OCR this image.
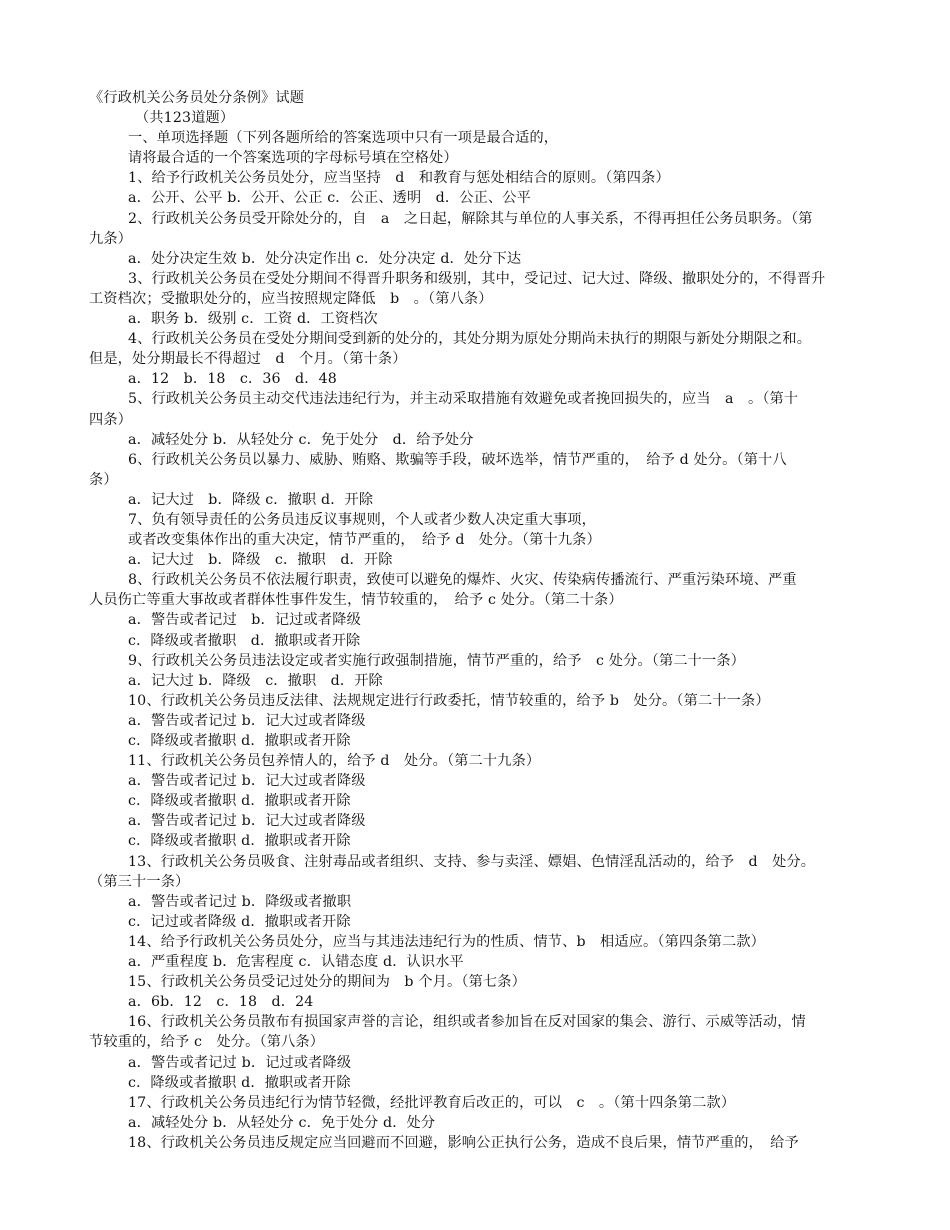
《行政机关公务员处分条例》试题
（共123道题）
一、单项选择题（下列各题所给的答案选项中只有一项是最合适的，
请将最合适的一个答案选项的字母标号填在空格处）
1、给予行政机关公务员处分，应当坚持　d　和教育与惩处相结合的原则。（第四条）
a．公开、公平 b．公开、公正 c．公正、透明　d．公正、公平
2、行政机关公务员受开除处分的，自　a　之日起，解除其与单位的人事关系，不得再担任公务员职务。（第
九条）
a．处分决定生效 b．处分决定作出 c．处分决定 d．处分下达
3、行政机关公务员在受处分期间不得晋升职务和级别，其中，受记过、记大过、降级、撤职处分的，不得晋升
工资档次；受撤职处分的，应当按照规定降低　b　。（第八条）
a．职务 b．级别 c．工资 d．工资档次
4、行政机关公务员在受处分期间受到新的处分的，其处分期为原处分期尚未执行的期限与新处分期限之和。
但是，处分期最长不得超过　d　个月。（第十条）
a．12　b．18　c．36　d．48
5、行政机关公务员主动交代违法违纪行为，并主动采取措施有效避免或者挽回损失的，应当　a　。（第十
四条）
a．减轻处分 b．从轻处分 c．免于处分　d．给予处分
6、行政机关公务员以暴力、威胁、贿赂、欺骗等手段，破坏选举，情节严重的，　给予 d 处分。（第十八
条）
a．记大过　b．降级 c．撤职 d．开除
7、负有领导责任的公务员违反议事规则，个人或者少数人决定重大事项，
或者改变集体作出的重大决定，情节严重的，　给予 d　处分。（第十九条）
a．记大过　b．降级　c．撤职　d．开除
8、行政机关公务员不依法履行职责，致使可以避免的爆炸、火灾、传染病传播流行、严重污染环境、严重
人员伤亡等重大事故或者群体性事件发生，情节较重的，　给予 c 处分。（第二十条）
a．警告或者记过　b．记过或者降级
c．降级或者撤职　d．撤职或者开除
9、行政机关公务员违法设定或者实施行政强制措施，情节严重的，给予　c 处分。（第二十一条）
a．记大过 b．降级　c．撤职　d．开除
10、行政机关公务员违反法律、法规规定进行行政委托，情节较重的，给予 b　处分。（第二十一条）
a．警告或者记过 b．记大过或者降级
c．降级或者撤职 d．撤职或者开除
11、行政机关公务员包养情人的，给予 d　处分。（第二十九条）
a．警告或者记过 b．记大过或者降级
c．降级或者撤职 d．撤职或者开除
a．警告或者记过 b．记大过或者降级
c．降级或者撤职 d．撤职或者开除
13、行政机关公务员吸食、注射毒品或者组织、支持、参与卖淫、嫖娼、色情淫乱活动的，给予　d　处分。
（第三十一条）
a．警告或者记过 b．降级或者撤职
c．记过或者降级 d．撤职或者开除
14、给予行政机关公务员处分，应当与其违法违纪行为的性质、情节、b　相适应。（第四条第二款）
a．严重程度 b．危害程度 c．认错态度 d．认识水平
15、行政机关公务员受记过处分的期间为　b 个月。（第七条）
a．6b．12　c．18　d．24
16、行政机关公务员散布有损国家声誉的言论，组织或者参加旨在反对国家的集会、游行、示威等活动，情
节较重的，给予 c　处分。（第八条）
a．警告或者记过 b．记过或者降级
c．降级或者撤职 d．撤职或者开除
17、行政机关公务员违纪行为情节轻微，经批评教育后改正的，可以　c　。（第十四条第二款）
a．减轻处分 b．从轻处分 c．免于处分 d．处分
18、行政机关公务员违反规定应当回避而不回避，影响公正执行公务，造成不良后果，情节严重的，　给予
